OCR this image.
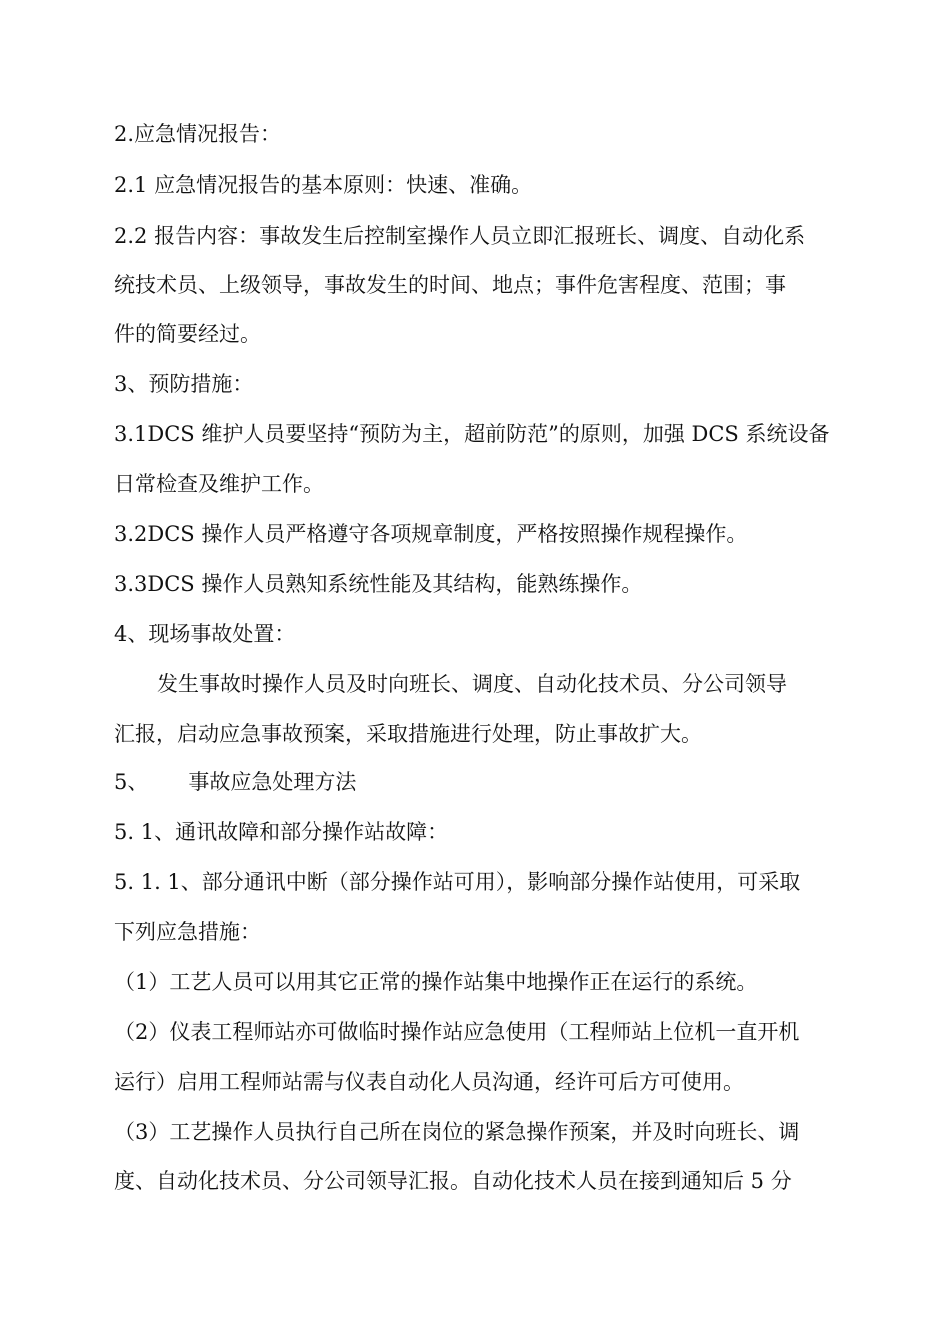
2.应急情况报告：
2.1 应急情况报告的基本原则：快速、准确。
2.2 报告内容：事故发生后控制室操作人员立即汇报班长、调度、自动化系
统技术员、上级领导，事故发生的时间、地点；事件危害程度、范围；事
件的简要经过。
3、预防措施：
3.1DCS 维护人员要坚持“预防为主，超前防范”的原则，加强 DCS 系统设备
日常检查及维护工作。
3.2DCS 操作人员严格遵守各项规章制度，严格按照操作规程操作。
3.3DCS 操作人员熟知系统性能及其结构，能熟练操作。
4、现场事故处置：
发生事故时操作人员及时向班长、调度、自动化技术员、分公司领导
汇报，启动应急事故预案，采取措施进行处理，防止事故扩大。
5、      事故应急处理方法
5. 1、通讯故障和部分操作站故障：
5. 1. 1、部分通讯中断（部分操作站可用），影响部分操作站使用，可采取
下列应急措施：
（1）工艺人员可以用其它正常的操作站集中地操作正在运行的系统。
（2）仪表工程师站亦可做临时操作站应急使用（工程师站上位机一直开机
运行）启用工程师站需与仪表自动化人员沟通，经许可后方可使用。
（3）工艺操作人员执行自己所在岗位的紧急操作预案，并及时向班长、调
度、自动化技术员、分公司领导汇报。自动化技术人员在接到通知后 5 分
